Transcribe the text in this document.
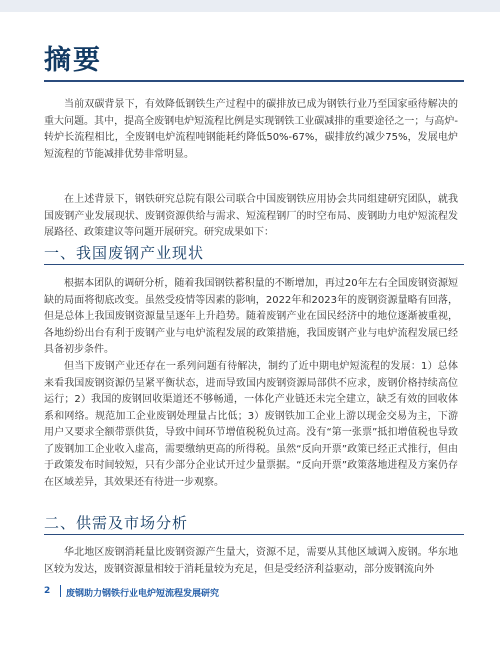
摘要

当前双碳背景下，有效降低钢铁生产过程中的碳排放已成为钢铁行业乃至国家亟待解决的重大问题。其中，提高全废钢电炉短流程比例是实现钢铁工业碳减排的重要途径之一；与高炉-转炉长流程相比，全废钢电炉流程吨钢能耗约降低50%-67%，碳排放约减少75%，发展电炉短流程的节能减排优势非常明显。

在上述背景下，钢铁研究总院有限公司联合中国废钢铁应用协会共同组建研究团队，就我国废钢产业发展现状、废钢资源供给与需求、短流程钢厂的时空布局、废钢助力电炉短流程发展路径、政策建议等问题开展研究。研究成果如下：

一、我国废钢产业现状

根据本团队的调研分析，随着我国钢铁蓄积量的不断增加，再过20年左右全国废钢资源短缺的局面将彻底改变。虽然受疫情等因素的影响，2022年和2023年的废钢资源量略有回落，但是总体上我国废钢资源量呈逐年上升趋势。随着废钢产业在国民经济中的地位逐渐被重视，各地纷纷出台有利于废钢产业与电炉流程发展的政策措施，我国废钢产业与电炉流程发展已经具备初步条件。

但当下废钢产业还存在一系列问题有待解决，制约了近中期电炉短流程的发展：1）总体来看我国废钢资源仍呈紧平衡状态，进而导致国内废钢资源局部供不应求，废钢价格持续高位运行；2）我国的废钢回收渠道还不够畅通，一体化产业链还未完全建立，缺乏有效的回收体系和网络。规范加工企业废钢处理量占比低；3）废钢铁加工企业上游以现金交易为主，下游用户又要求全额带票供货，导致中间环节增值税税负过高。没有“第一张票”抵扣增值税也导致了废钢加工企业收入虚高，需要缴纳更高的所得税。虽然“反向开票”政策已经正式推行，但由于政策发布时间较短，只有少部分企业试开过少量票据。“反向开票”政策落地进程及方案仍存在区域差异，其效果还有待进一步观察。

二、供需及市场分析

华北地区废钢消耗量比废钢资源产生量大，资源不足，需要从其他区域调入废钢。华东地区较为发达，废钢资源量相较于消耗量较为充足，但是受经济利益驱动，部分废钢流向外

2 废钢助力钢铁行业电炉短流程发展研究
